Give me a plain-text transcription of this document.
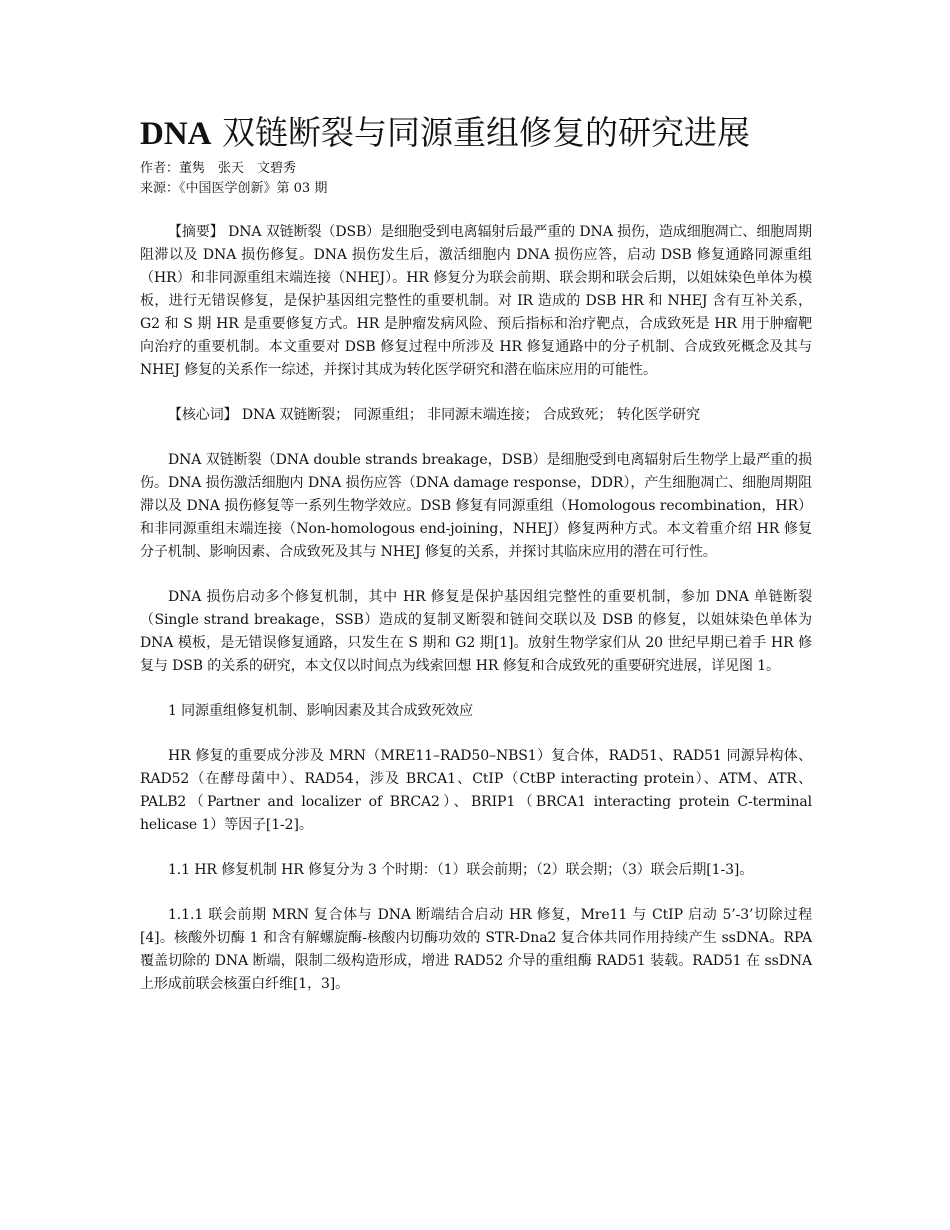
DNA 双链断裂与同源重组修复的研究进展

作者：董隽　张天　文碧秀

来源：《中国医学创新》第 03 期

【摘要】 DNA 双链断裂（DSB）是细胞受到电离辐射后最严重的 DNA 损伤，造成细胞凋亡、细胞周期阻滞以及 DNA 损伤修复。DNA 损伤发生后，激活细胞内 DNA 损伤应答，启动 DSB 修复通路同源重组（HR）和非同源重组末端连接（NHEJ）。HR 修复分为联会前期、联会期和联会后期，以姐妹染色单体为模板，进行无错误修复，是保护基因组完整性的重要机制。对 IR 造成的 DSB HR 和 NHEJ 含有互补关系，G2 和 S 期 HR 是重要修复方式。HR 是肿瘤发病风险、预后指标和治疗靶点，合成致死是 HR 用于肿瘤靶向治疗的重要机制。本文重要对 DSB 修复过程中所涉及 HR 修复通路中的分子机制、合成致死概念及其与 NHEJ 修复的关系作一综述，并探讨其成为转化医学研究和潜在临床应用的可能性。

【核心词】 DNA 双链断裂； 同源重组； 非同源末端连接； 合成致死； 转化医学研究

DNA 双链断裂（DNA double strands breakage，DSB）是细胞受到电离辐射后生物学上最严重的损伤。DNA 损伤激活细胞内 DNA 损伤应答（DNA damage response，DDR），产生细胞凋亡、细胞周期阻滞以及 DNA 损伤修复等一系列生物学效应。DSB 修复有同源重组（Homologous recombination，HR）和非同源重组末端连接（Non-homologous end-joining，NHEJ）修复两种方式。本文着重介绍 HR 修复分子机制、影响因素、合成致死及其与 NHEJ 修复的关系，并探讨其临床应用的潜在可行性。

DNA 损伤启动多个修复机制，其中 HR 修复是保护基因组完整性的重要机制，参加 DNA 单链断裂（Single strand breakage，SSB）造成的复制叉断裂和链间交联以及 DSB 的修复，以姐妹染色单体为 DNA 模板，是无错误修复通路，只发生在 S 期和 G2 期[1]。放射生物学家们从 20 世纪早期已着手 HR 修复与 DSB 的关系的研究，本文仅以时间点为线索回想 HR 修复和合成致死的重要研究进展，详见图 1。

1 同源重组修复机制、影响因素及其合成致死效应

HR 修复的重要成分涉及 MRN（MRE11–RAD50–NBS1）复合体，RAD51、RAD51 同源异构体、RAD52（在酵母菌中）、RAD54，涉及 BRCA1、CtIP（CtBP interacting protein）、ATM、ATR、PALB2（Partner and localizer of BRCA2）、BRIP1（BRCA1 interacting protein C-terminal helicase 1）等因子[1-2]。

1.1 HR 修复机制 HR 修复分为 3 个时期：（1）联会前期；（2）联会期；（3）联会后期[1-3]。

1.1.1 联会前期 MRN 复合体与 DNA 断端结合启动 HR 修复，Mre11 与 CtIP 启动 5’-3’切除过程[4]。核酸外切酶 1 和含有解螺旋酶-核酸内切酶功效的 STR-Dna2 复合体共同作用持续产生 ssDNA。RPA 覆盖切除的 DNA 断端，限制二级构造形成，增进 RAD52 介导的重组酶 RAD51 装载。RAD51 在 ssDNA 上形成前联会核蛋白纤维[1，3]。
